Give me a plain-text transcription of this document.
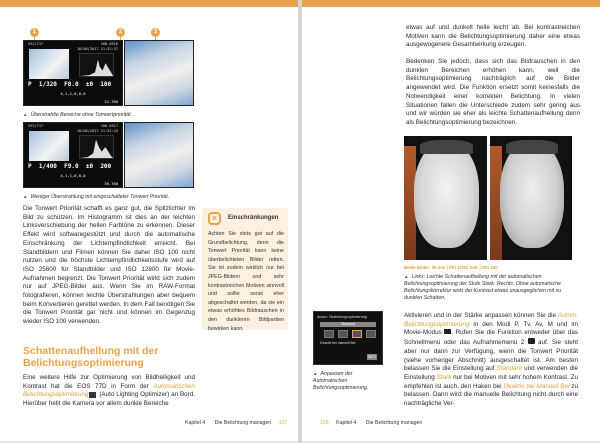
1	2	3
532/717	100-6516
18/06/2017 11:52:37
P 1/320 F8.0 ±0 100
4,1,1,0,0,0
32.780
▲ Überstrahlte Bereiche ohne Tonwertpriorität.
532/717	100-6517
18/06/2017 11:52:43
P 1/400 F9.0 ±0 200
4,1,1,0,0,0
30.780
▲ Weniger Überstrahlung mit eingeschalteter Tonwert Priorität.

Die Tonwert Priorität schafft es ganz gut, die Spitzlichter im Bild zu schützen. Im Histogramm ist dies an der leichten Linksverschiebung der hellen Farbtöne zu erkennen. Dieser Effekt wird softwaregestützt und durch die automatische Einschränkung der Lichtempfindlichkeit erreicht. Bei Standbildern und Filmen können Sie daher ISO 100 nicht nutzen und die höchste Lichtempfindlichkeitsstufe wird auf ISO 25600 für Standbilder und ISO 12800 für Movie-Aufnahmen begrenzt. Die Tonwert Priorität wirkt sich zudem nur auf JPEG-Bilder aus. Wenn Sie im RAW-Format fotografieren, können leichte Überstrahlungen aber bequem beim Konvertieren gerettet werden. In dem Fall benötigen Sie die Tonwert Priorität gar nicht und können im Gegenzug wieder ISO 100 verwenden.

×	Einschränkungen
Achten Sie stets gut auf die Grundbelichtung, denn die Tonwert Priorität kann keine überbelichteten Bilder retten. Sie ist zudem wirklich nur bei JPEG-Bildern und sehr kontrastreichen Motiven sinnvoll und sollte sonst eher abgeschaltet werden, da sie ein etwas erhöhtes Bildrauschen in den dunkleren Bildpartien bewirken kann.
Schattenaufhellung mit der Belichtungsoptimierung

Eine weitere Hilfe zur Optimierung von Bildhelligkeit und Kontrast hat die EOS 77D in Form der Automatischen Belichtungsoptimierung (Auto Lighting Optimizer) an Bord. Hierüber hellt die Kamera vor allem dunkle Bereiche

Kapitel 4 Die Belichtung managen 107

etwas auf und dunkelt helle leicht ab. Bei kontrastreichen Motiven kann die Belichtungsoptimierung daher eine etwas ausgewogenere Gesamtwirkung erzeugen.

Bedenken Sie jedoch, dass sich das Bildrauschen in den dunklen Bereichen erhöhen kann, weil die Belichtungsoptimierung nachträglich auf die Bilder angewendet wird. Die Funktion ersetzt somit keinesfalls die Notwendigkeit einer korrekten Belichtung. In vielen Situationen fallen die Unterschiede zudem sehr gering aus und wir würden sie eher als leichte Schattenaufhellung denn als Belichtungsoptimierung bezeichnen.

Beide Bilder: 35 mm | f/9 | 1/250 Sek. | ISO 100
▲ Links: Leichte Schattenaufhellung mit der automatischen Belichtungsoptimierung der Stufe Stark. Rechts: Ohne automatische Belichtungskorrektur wirkt der Kontrast etwas unausgeglichen mit zu dunklen Schatten.
Autom. Belichtungsoptimierung
Standard
Deaktiv bei manuell Bel
INFO
▲ Anpassen der Automatischen Belichtungsoptimierung.

Aktivieren und in der Stärke anpassen können Sie die Autom. Belichtungsoptimierung in den Modi P, Tv, Av, M und im Movie-Modus . Rufen Sie die Funktion entweder über das Schnellmenü oder das Aufnahmemenü 2  auf. Sie steht aber nur dann zur Verfügung, wenn die Tonwert Priorität (siehe vorheriger Abschnitt) ausgeschaltet ist. Am besten belassen Sie die Einstellung auf Standard und verwenden die Einstellung Stark nur bei Motiven mit sehr hohem Kontrast. Zu empfehlen ist auch, den Haken bei Deaktiv bei Manuell Bel zu belassen. Dann wird die manuelle Belichtung nicht durch eine nachträgliche Ver-

108 Kapitel 4 Die Belichtung managen
